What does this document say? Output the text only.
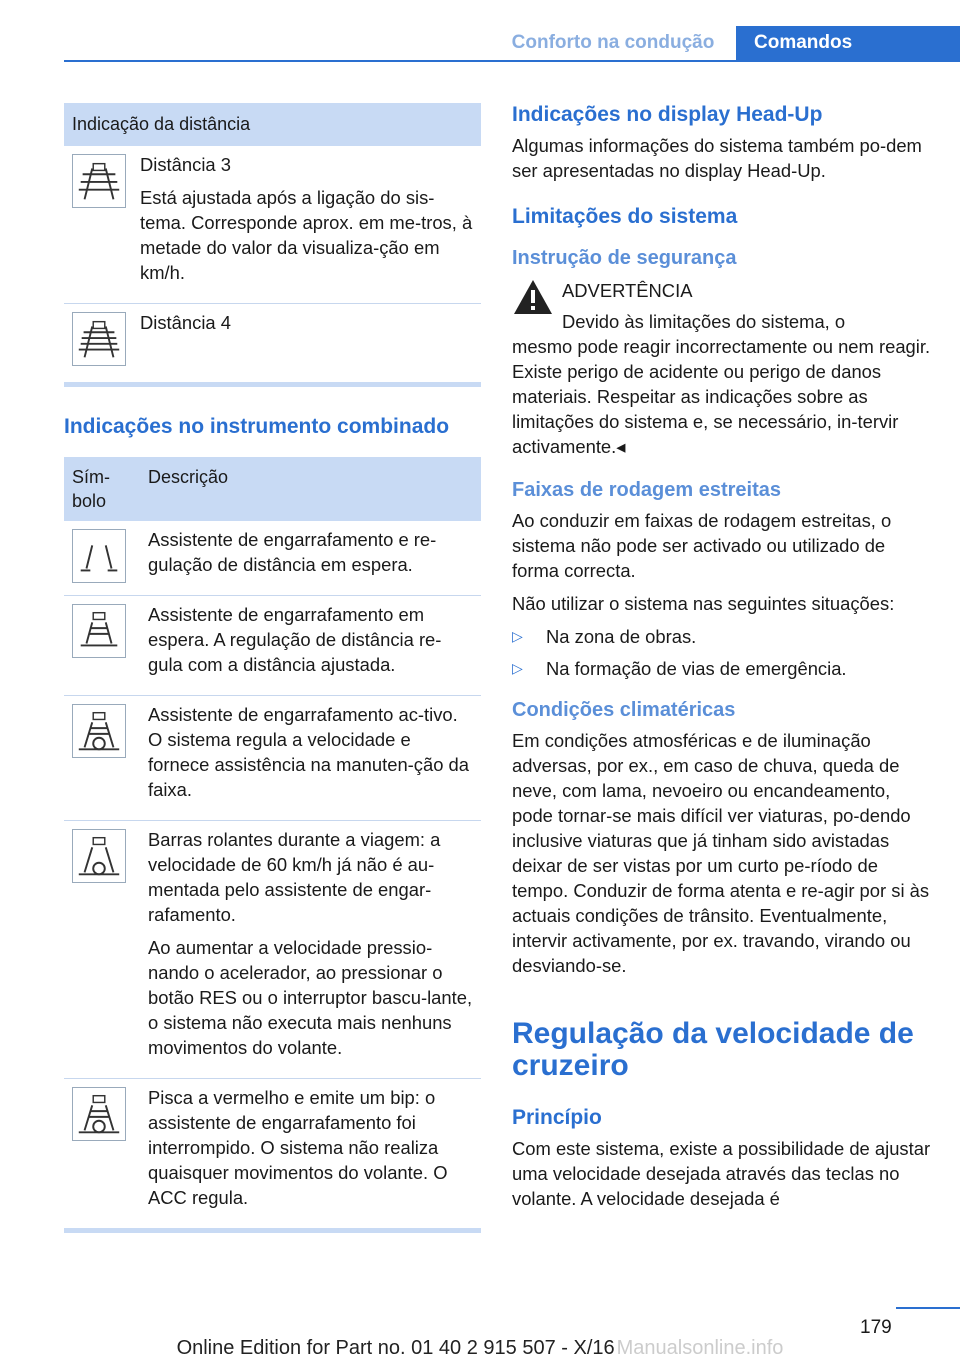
Conforto na condução	Comandos
Indicação da distância

Distância 3

Está ajustada após a ligação do sis-tema. Corresponde aprox. em me-tros, à metade do valor da visualiza-ção em km/h.

Distância 4

Indicações no instrumento combinado
Sím-bolo
Descrição

Assistente de engarrafamento e re-gulação de distância em espera.

Assistente de engarrafamento em espera. A regulação de distância re-gula com a distância ajustada.

Assistente de engarrafamento ac-tivo. O sistema regula a velocidade e fornece assistência na manuten-ção da faixa.

Barras rolantes durante a viagem: a velocidade de 60 km/h já não é au-mentada pelo assistente de engar-rafamento.

Ao aumentar a velocidade pressio-nando o acelerador, ao pressionar o botão RES ou o interruptor bascu-lante, o sistema não executa mais nenhuns movimentos do volante.

Pisca a vermelho e emite um bip: o assistente de engarrafamento foi interrompido. O sistema não realiza quaisquer movimentos do volante. O ACC regula.

Indicações no display Head-Up

Algumas informações do sistema também po-dem ser apresentadas no display Head-Up.

Limitações do sistema
Instrução de segurança

ADVERTÊNCIA

Devido às limitações do sistema, o

mesmo pode reagir incorrectamente ou nem reagir. Existe perigo de acidente ou perigo de danos materiais. Respeitar as indicações sobre as limitações do sistema e, se necessário, in-tervir activamente.◂

Faixas de rodagem estreitas

Ao conduzir em faixas de rodagem estreitas, o sistema não pode ser activado ou utilizado de forma correcta.

Não utilizar o sistema nas seguintes situações:

▷	Na zona de obras.
▷	Na formação de vias de emergência.
Condições climatéricas

Em condições atmosféricas e de iluminação adversas, por ex., em caso de chuva, queda de neve, com lama, nevoeiro ou encandeamento, pode tornar-se mais difícil ver viaturas, po-dendo inclusive viaturas que já tinham sido avistadas deixar de ser vistas por um curto pe-ríodo de tempo. Conduzir de forma atenta e re-agir por si às actuais condições de trânsito. Eventualmente, intervir activamente, por ex. travando, virando ou desviando-se.

Regulação da velocidade de cruzeiro
Princípio

Com este sistema, existe a possibilidade de ajustar uma velocidade desejada através das teclas no volante. A velocidade desejada é

179
Online Edition for Part no. 01 40 2 915 507 - X/16 Manualsonline.info
